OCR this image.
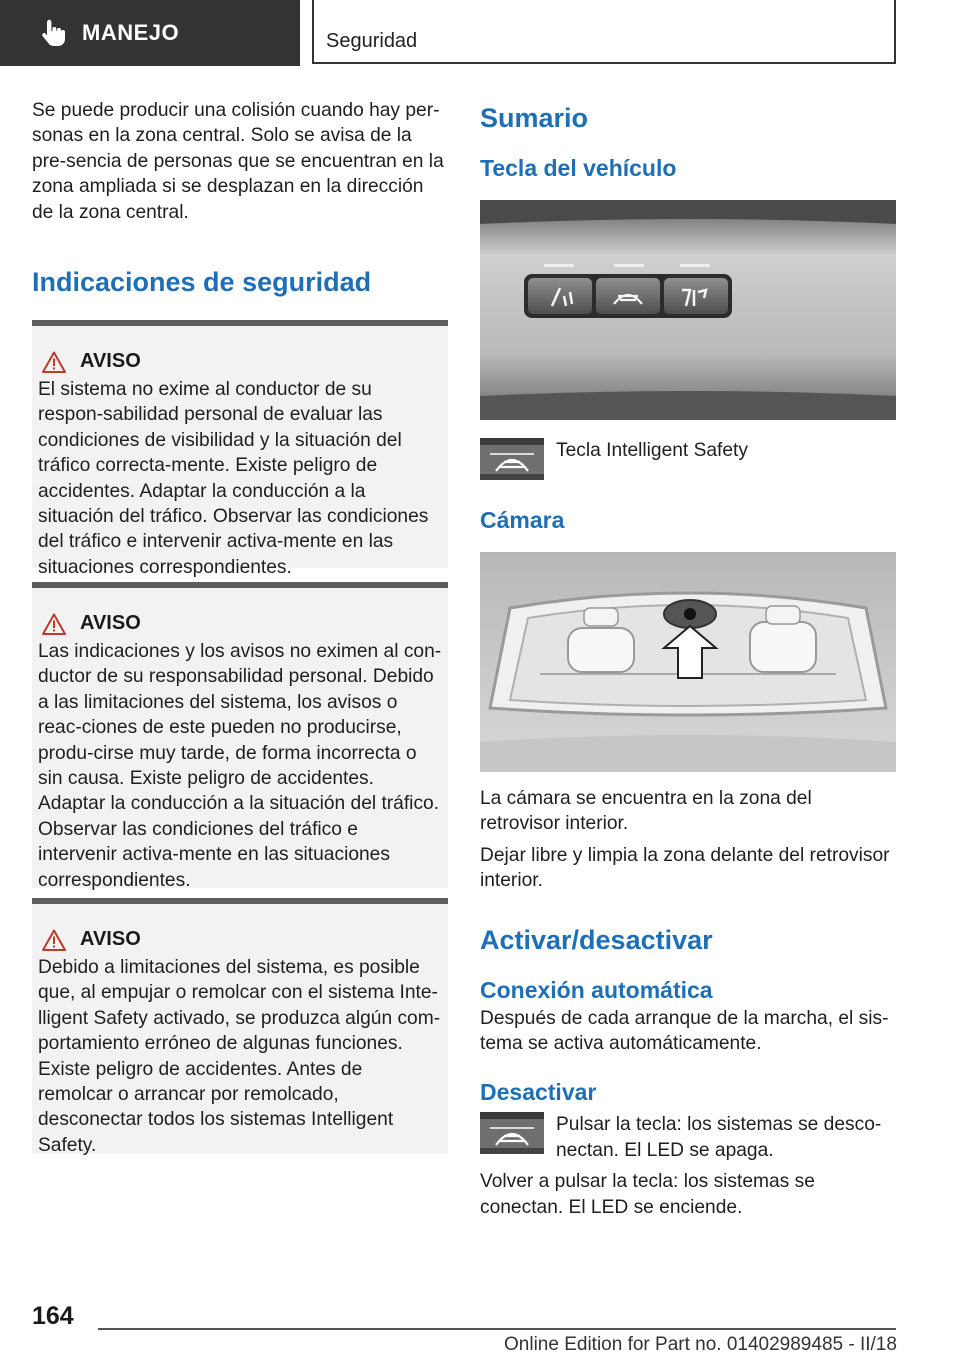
MANEJO	Seguridad

Se puede producir una colisión cuando hay per-sonas en la zona central. Solo se avisa de la pre-sencia de personas que se encuentran en la zona ampliada si se desplazan en la dirección de la zona central.

Indicaciones de seguridad
AVISO

El sistema no exime al conductor de su respon-sabilidad personal de evaluar las condiciones de visibilidad y la situación del tráfico correcta-mente. Existe peligro de accidentes. Adaptar la conducción a la situación del tráfico. Observar las condiciones del tráfico e intervenir activa-mente en las situaciones correspondientes.

AVISO

Las indicaciones y los avisos no eximen al con-ductor de su responsabilidad personal. Debido a las limitaciones del sistema, los avisos o reac-ciones de este pueden no producirse, produ-cirse muy tarde, de forma incorrecta o sin causa. Existe peligro de accidentes. Adaptar la conducción a la situación del tráfico. Observar las condiciones del tráfico e intervenir activa-mente en las situaciones correspondientes.

AVISO

Debido a limitaciones del sistema, es posible que, al empujar o remolcar con el sistema Inte-lligent Safety activado, se produzca algún com-portamiento erróneo de algunas funciones. Existe peligro de accidentes. Antes de remolcar o arrancar por remolcado, desconectar todos los sistemas Intelligent Safety.

Sumario
Tecla del vehículo

Tecla Intelligent Safety

Cámara

La cámara se encuentra en la zona del retrovisor interior.

Dejar libre y limpia la zona delante del retrovisor interior.

Activar/desactivar
Conexión automática

Después de cada arranque de la marcha, el sis-tema se activa automáticamente.

Desactivar

Pulsar la tecla: los sistemas se desco-nectan. El LED se apaga.

Volver a pulsar la tecla: los sistemas se conectan. El LED se enciende.

164
Online Edition for Part no. 01402989485 - II/18
